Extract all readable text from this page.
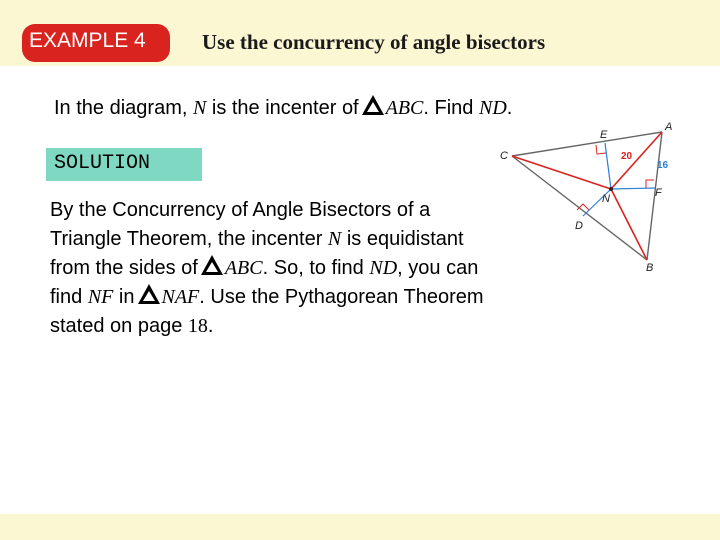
EXAMPLE 4	Use the concurrency of angle bisectors
In the diagram, N is the incenter of ABC. Find ND.
SOLUTION
By the Concurrency of Angle Bisectors of a Triangle Theorem, the incenter N is equidistant from the sides of ABC. So, to find ND, you can find NF in NAF. Use the Pythagorean Theorem stated on page 18.
A
B
C
D
E
F
N
20
16
